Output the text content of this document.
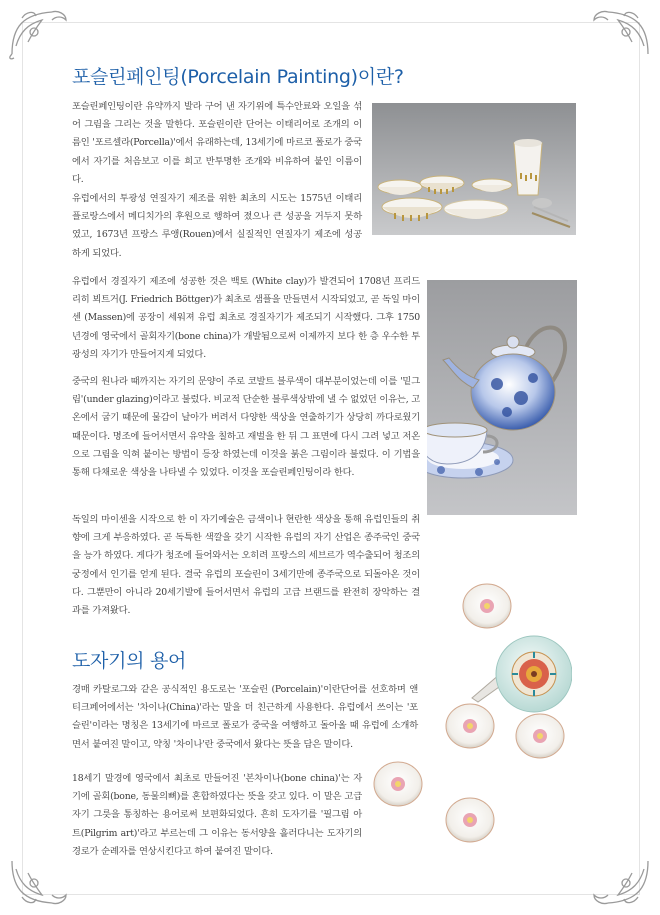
포슬린페인팅(Porcelain Painting)이란?

포슬린페인팅이란 유약까지 발라 구어 낸 자기위에 특수안료와 오일을 섞어 그림을 그리는 것을 말한다. 포슬린이란 단어는 이태리어로 조개의 이름인 '포르셀라(Porcella)'에서 유래하는데, 13세기에 마르코 폴로가 중국에서 자기를 처음보고 이를 희고 반투명한 조개와 비유하여 붙인 이름이다.

유럽에서의 투광성 연질자기 제조를 위한 최초의 시도는 1575년 이태리 플로랑스에서 메디치가의 후원으로 행하여 졌으나 큰 성공을 거두지 못하였고, 1673년 프랑스 루앵(Rouen)에서 실질적인 연질자기 제조에 성공하게 되었다.

유럽에서 경질자기 제조에 성공한 것은 백토 (White clay)가 발견되어 1708년 프리드리히 뵈트거(J. Friedrich Böttger)가 최초로 샘플을 만들면서 시작되었고, 곧 독일 마이센 (Massen)에 공장이 세워져 유럽 최초로 경질자기가 제조되기 시작했다. 그후 1750년경에 영국에서 골회자기(bone china)가 개발됨으로써 이제까지 보다 한 층 우수한 투광성의 자기가 만들어지게 되었다.

중국의 원나라 때까지는 자기의 문양이 주로 코발트 블루색이 대부분이었는데 이를 '밑그림'(under glazing)이라고 불렀다. 비교적 단순한 블루색상밖에 낼 수 없었던 이유는, 고온에서 굽기 때문에 물감이 날아가 버려서 다양한 색상을 연출하기가 상당히 까다로웠기 때문이다. 명조에 들어서면서 유약을 칠하고 재벌을 한 뒤 그 표면에 다시 그려 넣고 저온으로 그림을 익혀 붙이는 방법이 등장 하였는데 이것을 붉은 그림이라 불렀다. 이 기법을 통해 다채로운 색상을 나타낼 수 있었다. 이것을 포슬린페인팅이라 한다.

독일의 마이센을 시작으로 한 이 자기예술은 금색이나 현란한 색상을 통해 유럽인들의 취향에 크게 부응하였다. 곧 독특한 색깔을 갖기 시작한 유럽의 자기 산업은 종주국인 중국을 능가 하였다. 게다가 청조에 들어와서는 오히려 프랑스의 세브르가 역수출되어 청조의 궁정에서 인기를 얻게 된다. 결국 유럽의 포슬린이 3세기만에 종주국으로 되돌아온 것이다. 그뿐만이 아니라 20세기발에 들어서면서 유럽의 고급 브랜드를 완전히 장악하는 결과를 가져왔다.

도자기의 용어

경매 카탈로그와 같은 공식적인 용도로는 '포슬린 (Porcelain)'이란단어를 선호하며 앤티크페어에서는 '차이나(China)'라는 말을 더 친근하게 사용한다. 유럽에서 쓰이는 '포슬린'이라는 명칭은 13세기에 마르코 폴로가 중국을 여행하고 돌아올 때 유럽에 소개하면서 붙여진 말이고, 약칭 '차이나'란 중국에서 왔다는 뜻을 담은 말이다.

18세기 말경에 영국에서 최초로 만들어진 '본차이나(bone china)'는 자기에 골회(bone, 동물의뼈)를 혼합하였다는 뜻을 갖고 있다. 이 말은 고급자기 그릇을 통칭하는 용어로써 보편화되었다. 흔히 도자기를 '필그림 아트(Pilgrim art)'라고 부르는데 그 이유는 동서양을 흘러다니는 도자기의 경로가 순례자를 연상시킨다고 하여 붙여진 말이다.
